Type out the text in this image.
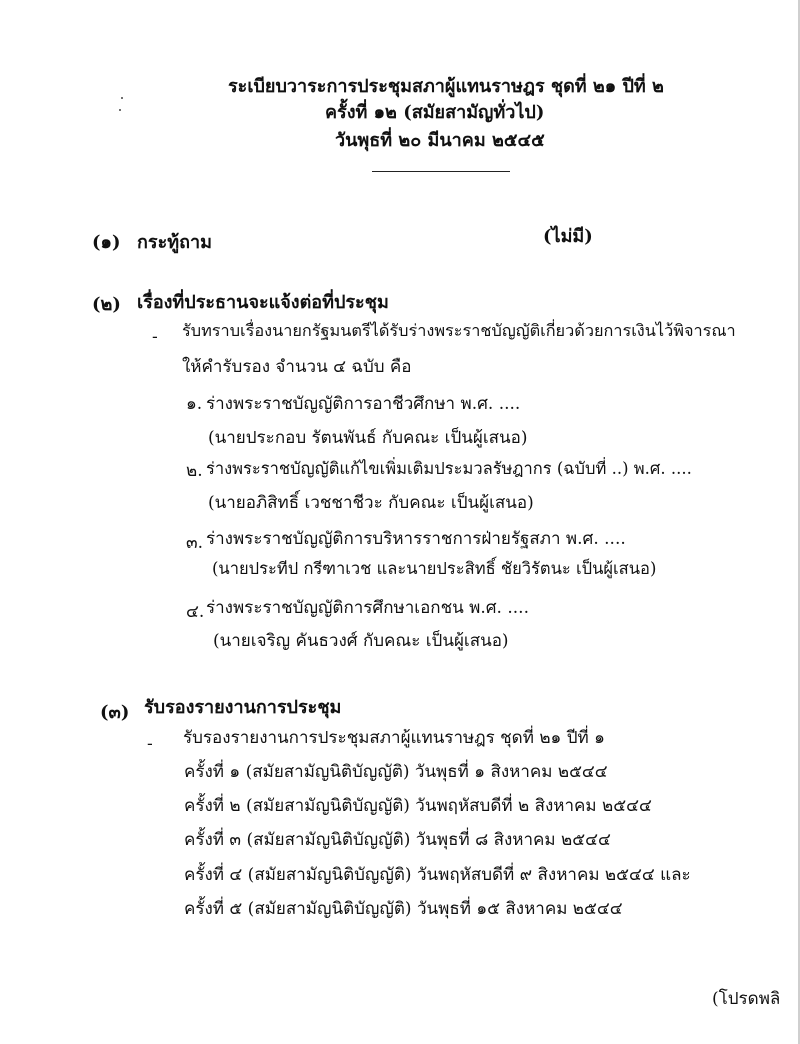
ระเบียบวาระการประชุมสภาผู้แทนราษฎร ชุดที่ ๒๑ ปีที่ ๒
ครั้งที่ ๑๒ (สมัยสามัญทั่วไป)
วันพุธที่ ๒๐ มีนาคม ๒๕๔๕
(๑) กระทู้ถาม	(ไม่มี)
(๒) เรื่องที่ประธานจะแจ้งต่อที่ประชุม
- รับทราบเรื่องนายกรัฐมนตรีได้รับร่างพระราชบัญญัติเกี่ยวด้วยการเงินไว้พิจารณา
ให้คำรับรอง จำนวน ๔ ฉบับ คือ
๑. ร่างพระราชบัญญัติการอาชีวศึกษา พ.ศ. ....
(นายประกอบ รัตนพันธ์ กับคณะ เป็นผู้เสนอ)
๒. ร่างพระราชบัญญัติแก้ไขเพิ่มเติมประมวลรัษฎากร (ฉบับที่ ..) พ.ศ. ....
(นายอภิสิทธิ์ เวชชาชีวะ กับคณะ เป็นผู้เสนอ)
๓. ร่างพระราชบัญญัติการบริหารราชการฝ่ายรัฐสภา พ.ศ. ....
(นายประทีป กรีฑาเวช และนายประสิทธิ์ ชัยวิรัตนะ เป็นผู้เสนอ)
๔. ร่างพระราชบัญญัติการศึกษาเอกชน พ.ศ. ....
(นายเจริญ คันธวงศ์ กับคณะ เป็นผู้เสนอ)
(๓) รับรองรายงานการประชุม
- รับรองรายงานการประชุมสภาผู้แทนราษฎร ชุดที่ ๒๑ ปีที่ ๑
ครั้งที่ ๑ (สมัยสามัญนิติบัญญัติ) วันพุธที่ ๑ สิงหาคม ๒๕๔๔
ครั้งที่ ๒ (สมัยสามัญนิติบัญญัติ) วันพฤหัสบดีที่ ๒ สิงหาคม ๒๕๔๔
ครั้งที่ ๓ (สมัยสามัญนิติบัญญัติ) วันพุธที่ ๘ สิงหาคม ๒๕๔๔
ครั้งที่ ๔ (สมัยสามัญนิติบัญญัติ) วันพฤหัสบดีที่ ๙ สิงหาคม ๒๕๔๔ และ
ครั้งที่ ๕ (สมัยสามัญนิติบัญญัติ) วันพุธที่ ๑๕ สิงหาคม ๒๕๔๔
(โปรดพลิ
